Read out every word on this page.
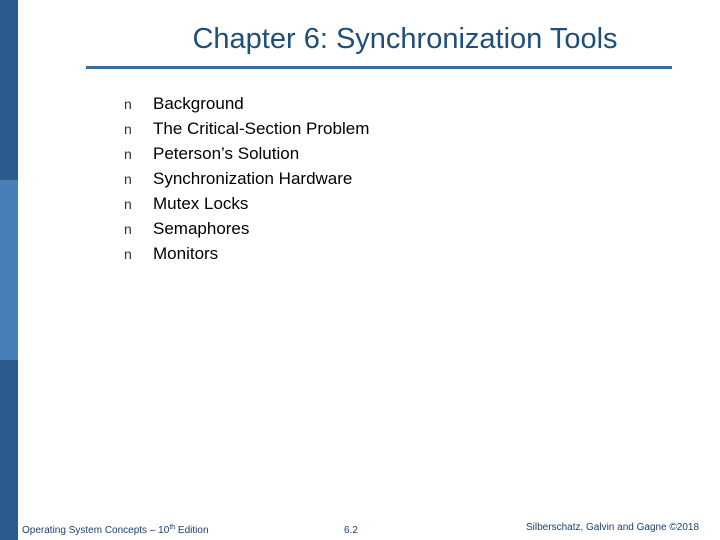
Chapter 6: Synchronization Tools
n Background
n The Critical-Section Problem
n Peterson’s Solution
n Synchronization Hardware
n Mutex Locks
n Semaphores
n Monitors
Operating System Concepts – 10th Edition	6.2	Silberschatz, Galvin and Gagne ©2018
